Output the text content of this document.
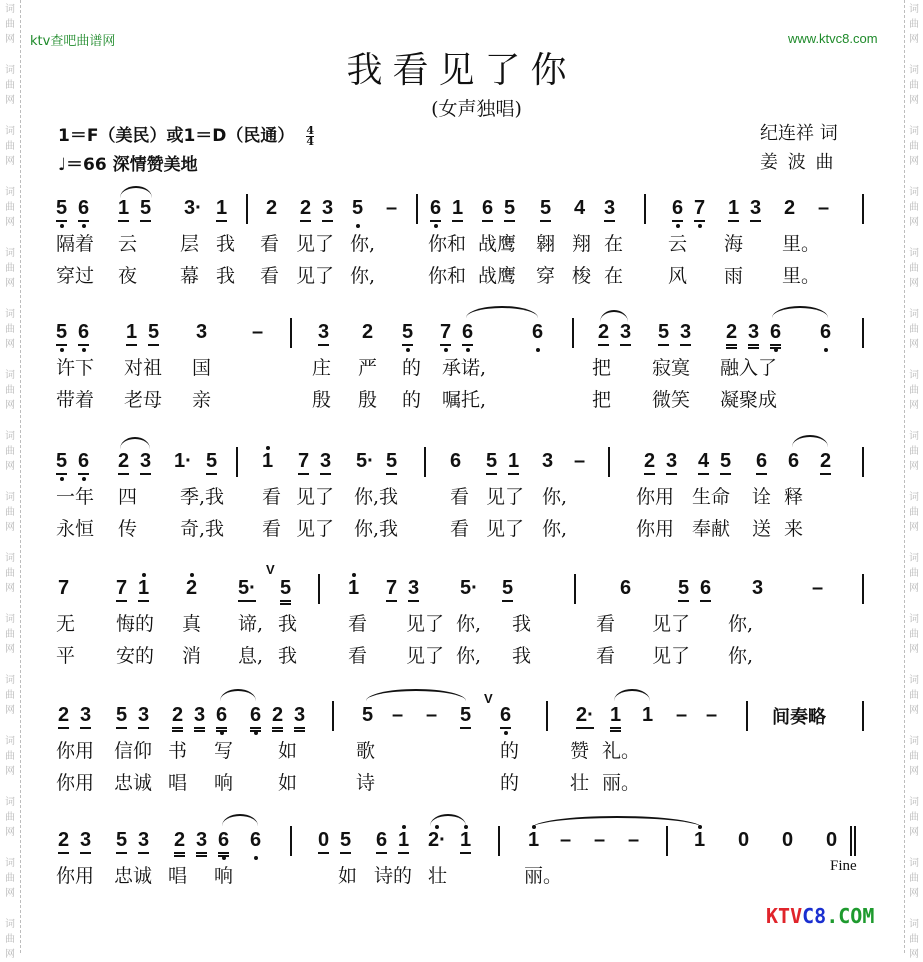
词
曲
网
词
曲
网
词
曲
网
词
曲
网
词
曲
网
词
曲
网
词
曲
网
词
曲
网
词
曲
网
词
曲
网
词
曲
网
词
曲
网
词
曲
网
词
曲
网
词
曲
网
词
曲
网
词
曲
网
词
曲
网
词
曲
网
词
曲
网
词
曲
网
词
曲
网
词
曲
网
词
曲
网
词
曲
网
词
曲
网
词
曲
网
词
曲
网
词
曲
网
词
曲
网
词
曲
网
词
曲
网
ktv查吧曲谱网	www.ktvc8.com
我看见了你
(女声独唱)
1＝F（美民）或1＝D（民通） $\frac{4}{4}$
♩＝66 深情赞美地
纪连祥 词
姜 波 曲
5 6 1 5 3· 1 2 2 3 5 – 6 1 6 5 5 4 3	6 7 1 3 2 –
隔着 云 层 我 看 见了 你,	你和 战鹰 翱 翔 在 云 海 里。
穿过 夜 幕 我 看 见了 你,	你和 战鹰 穿 梭 在 风 雨 里。
5 6 1 5 3 –	3 2 5 7 6	6	2 3 5 3 2 3 6 6
许下 对祖 国	庄 严 的 承诺,	把 寂寞 融入了
带着 老母 亲	殷 殷 的 嘱托,	把 微笑 凝聚成
5 6 2 3 1· 5 1 7 3 5· 5	6 5 1 3 –	2 3 4 5 6 6 2
一年 四 季,我 看 见了 你,我	看 见了 你,	你用 生命 诠 释
永恒 传 奇,我 看 见了 你,我	看 见了 你,	你用 奉献 送 来
7 7 1 2 5· 5	1 7 3 5· 5	6 5 6 3 –
V
无 悔的 真 谛, 我	看 见了 你, 我	看 见了 你,
平 安的 消 息, 我	看 见了 你, 我	看 见了 你,
2 3 5 3 2 3 6 6 2 3	5 – – 5 6	2· 1 1 – –
V
间奏略
你用 信仰 书 写 如	歌	的	赞 礼。
你用 忠诚 唱 响 如	诗	的	壮 丽。
2 3 5 3 2 3 6 6	0 5 6 1 2· 1	1 – – –	1 0 0 0
Fine
你用 忠诚 唱 响	如 诗的 壮	丽。
KTVC8.COM
